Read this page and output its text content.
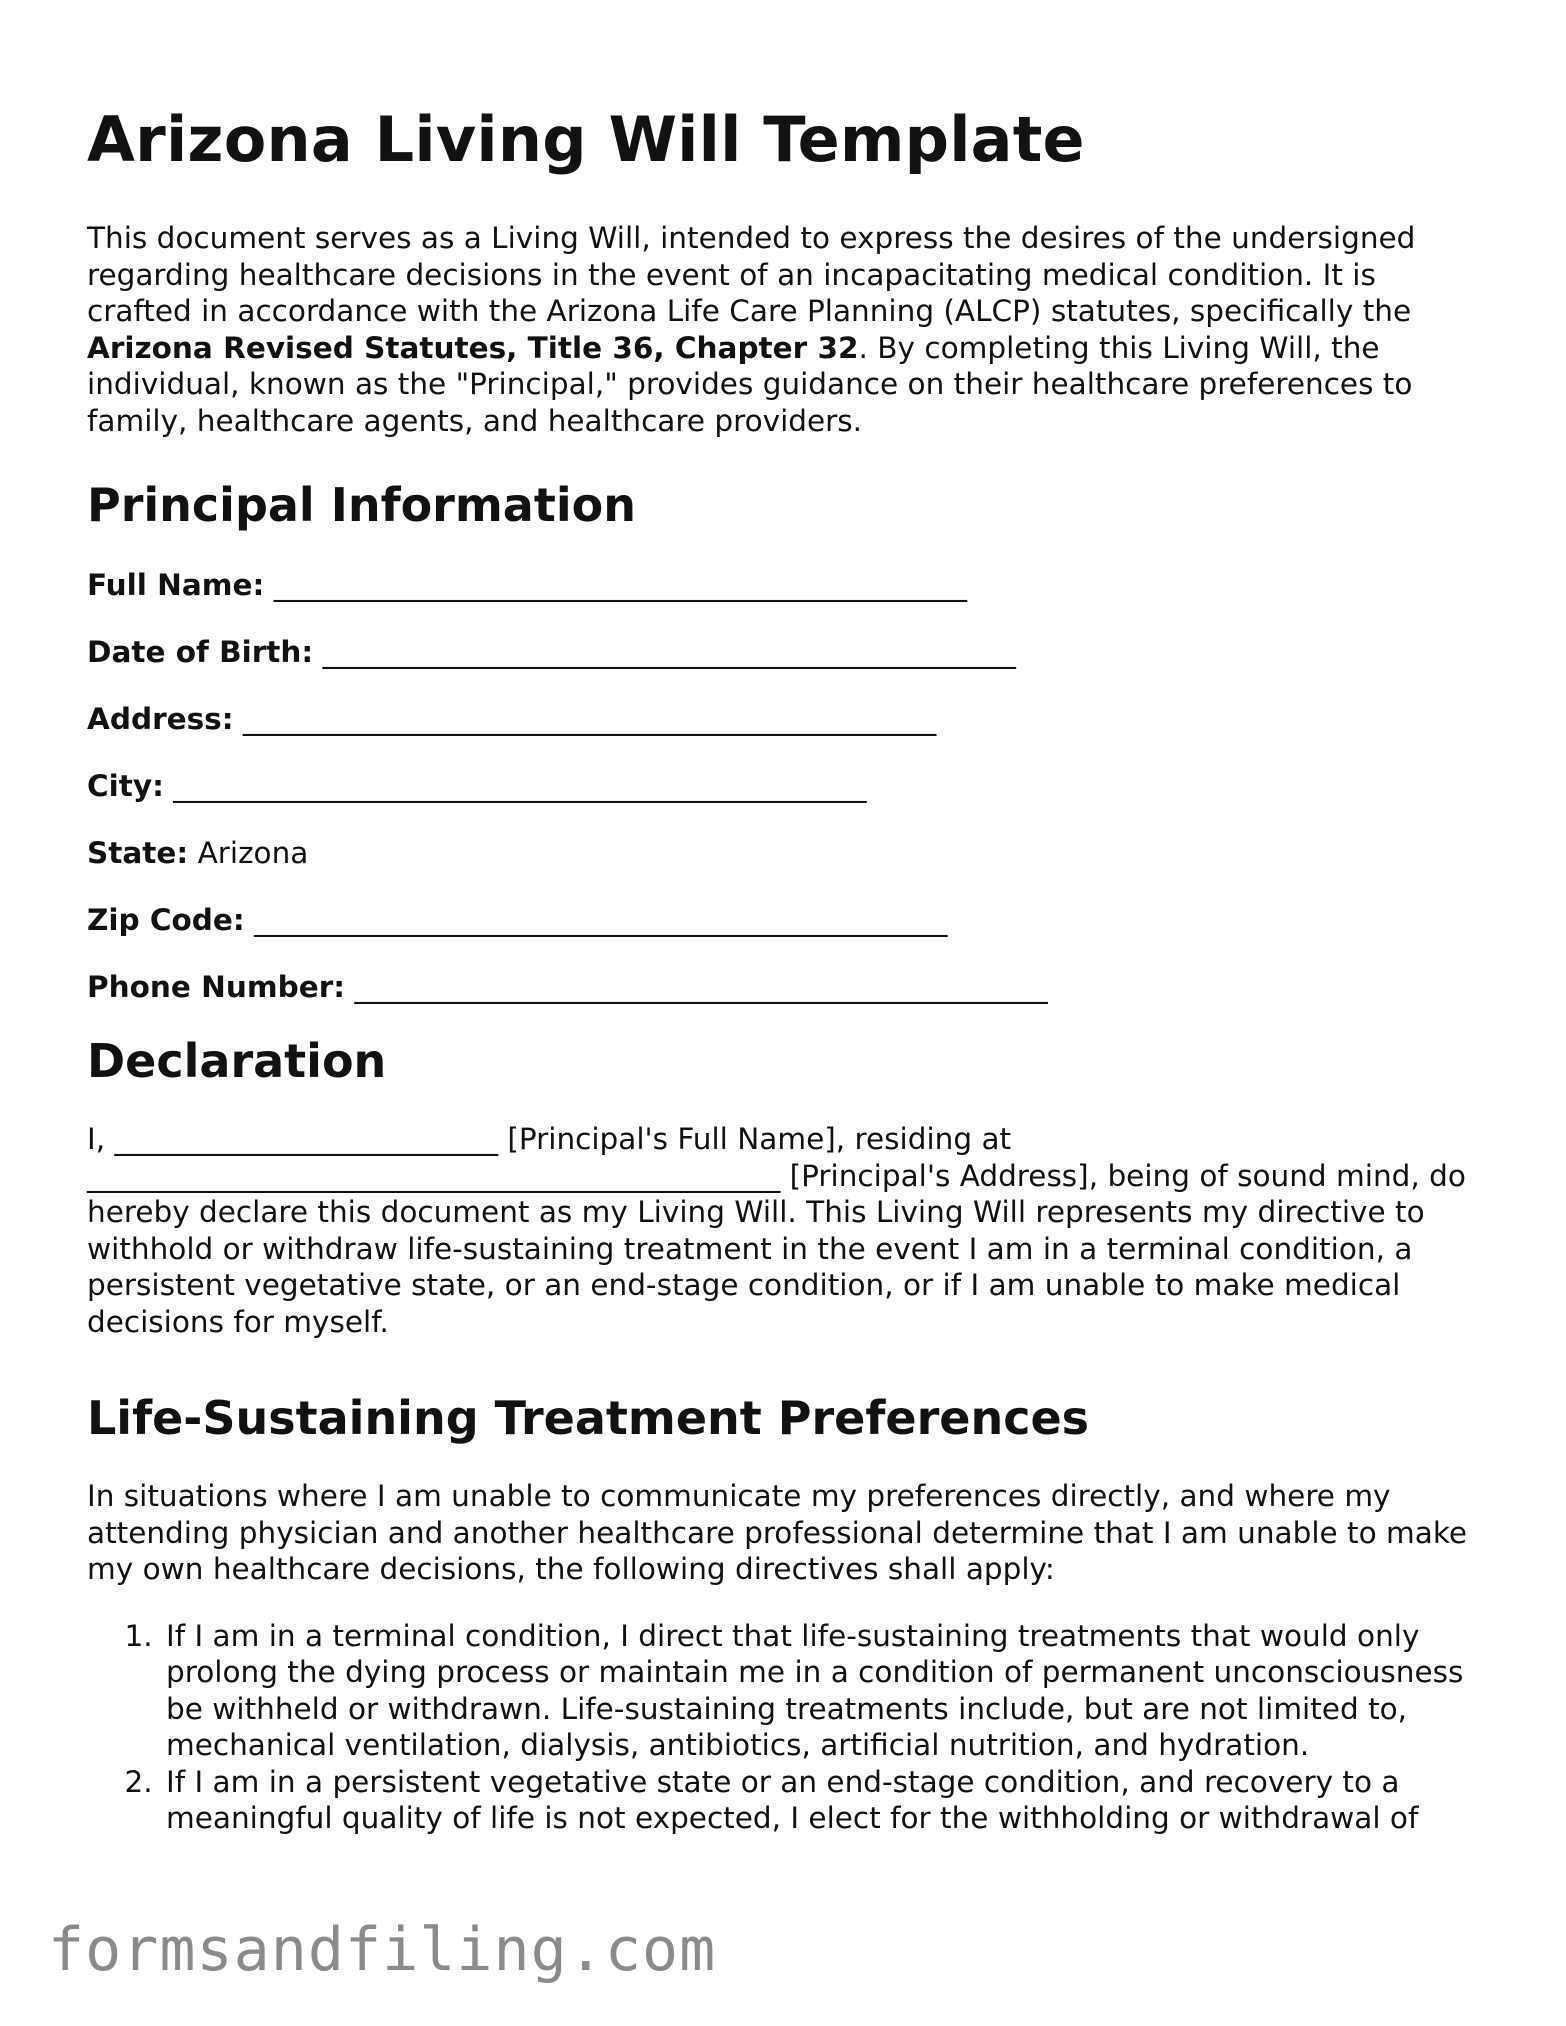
Arizona Living Will Template

This document serves as a Living Will, intended to express the desires of the undersigned regarding healthcare decisions in the event of an incapacitating medical condition. It is crafted in accordance with the Arizona Life Care Planning (ALCP) statutes, specifically the Arizona Revised Statutes, Title 36, Chapter 32. By completing this Living Will, the individual, known as the "Principal," provides guidance on their healthcare preferences to family, healthcare agents, and healthcare providers.

Principal Information
Full Name: _______________________________________________
Date of Birth: _______________________________________________
Address: _______________________________________________
City: _______________________________________________
State: Arizona
Zip Code: _______________________________________________
Phone Number: _______________________________________________
Declaration

I, __________________________ [Principal's Full Name], residing at _______________________________________________ [Principal's Address], being of sound mind, do hereby declare this document as my Living Will. This Living Will represents my directive to withhold or withdraw life-sustaining treatment in the event I am in a terminal condition, a persistent vegetative state, or an end-stage condition, or if I am unable to make medical decisions for myself.

Life-Sustaining Treatment Preferences

In situations where I am unable to communicate my preferences directly, and where my attending physician and another healthcare professional determine that I am unable to make my own healthcare decisions, the following directives shall apply:

1. If I am in a terminal condition, I direct that life-sustaining treatments that would only prolong the dying process or maintain me in a condition of permanent unconsciousness be withheld or withdrawn. Life-sustaining treatments include, but are not limited to, mechanical ventilation, dialysis, antibiotics, artificial nutrition, and hydration.
2. If I am in a persistent vegetative state or an end-stage condition, and recovery to a meaningful quality of life is not expected, I elect for the withholding or withdrawal of
formsandfiling.com
